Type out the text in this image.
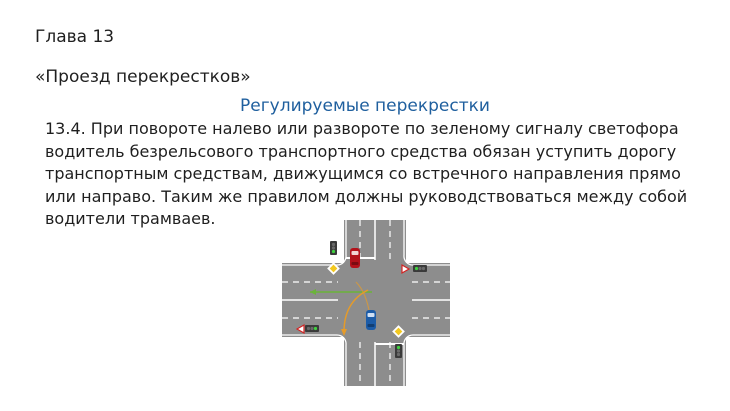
Глава 13
«Проезд перекрестков»
Регулируемые перекрестки

13.4. При повороте налево или развороте по зеленому сигналу светофора водитель безрельсового транспортного средства обязан уступить дорогу транспортным средствам, движущимся со встречного направления прямо или направо. Таким же правилом должны руководствоваться между собой водители трамваев.
